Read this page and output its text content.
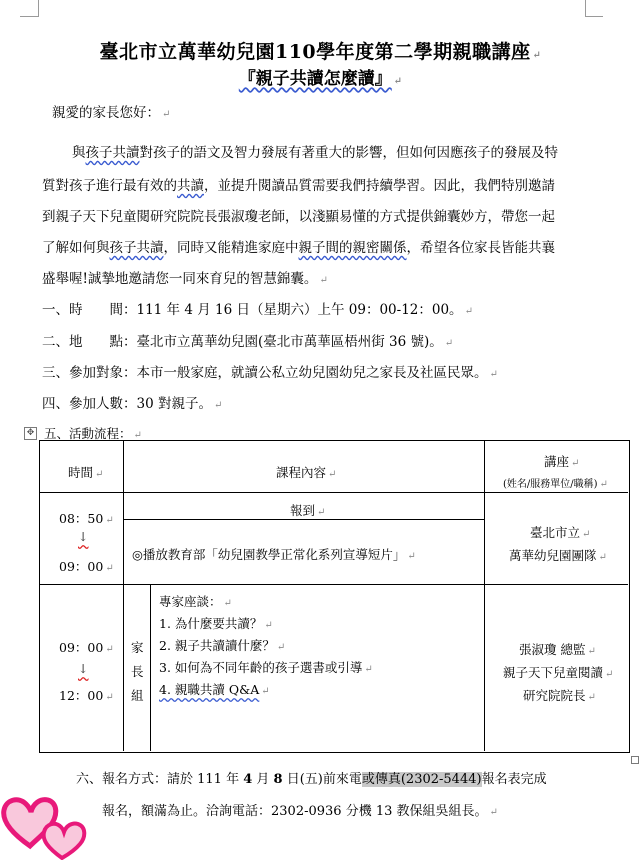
臺北市立萬華幼兒園110學年度第二學期親職講座 ↵
『親子共讀怎麼讀』 ↵
親愛的家長您好： ↵
與孩子共讀對孩子的語文及智力發展有著重大的影響，但如何因應孩子的發展及特
質對孩子進行最有效的共讀，並提升閱讀品質需要我們持續學習。因此，我們特別邀請
到親子天下兒童閱研究院院長張淑瓊老師，以淺顯易懂的方式提供錦囊妙方，帶您一起
了解如何與孩子共讀，同時又能精進家庭中親子間的親密關係，希望各位家長皆能共襄
盛舉喔!誠摯地邀請您一同來育兒的智慧錦囊。 ↵
一、時　　間：111 年 4 月 16 日（星期六）上午 09：00-12：00。 ↵
二、地　　點：臺北市立萬華幼兒園(臺北市萬華區梧州街 36 號)。 ↵
三、參加對象：本市一般家庭，就讀公私立幼兒園幼兒之家長及社區民眾。 ↵
四、參加人數：30 對親子。 ↵
✥ 五、活動流程： ↵
時間 ↵	課程內容 ↵
講座 ↵
(姓名/服務單位/職稱) ↵
08：50 ↵
↓
09：00 ↵
報到 ↵
◎播放教育部「幼兒園教學正常化系列宣導短片」 ↵
臺北市立 ↵
萬華幼兒園團隊 ↵
09：00 ↵
↓
12：00 ↵
家
長
組
專家座談： ↵
1. 為什麼要共讀？ ↵
2. 親子共讀讀什麼？ ↵
3. 如何為不同年齡的孩子選書或引導 ↵
4. 親職共讀 Q&A ↵
張淑瓊 總監 ↵
親子天下兒童閱讀 ↵
研究院院長 ↵
六、報名方式：請於 111 年 4 月 8 日(五)前來電或傳真(2302-5444)報名表完成
報名，額滿為止。洽詢電話：2302-0936 分機 13 教保組吳組長。 ↵
